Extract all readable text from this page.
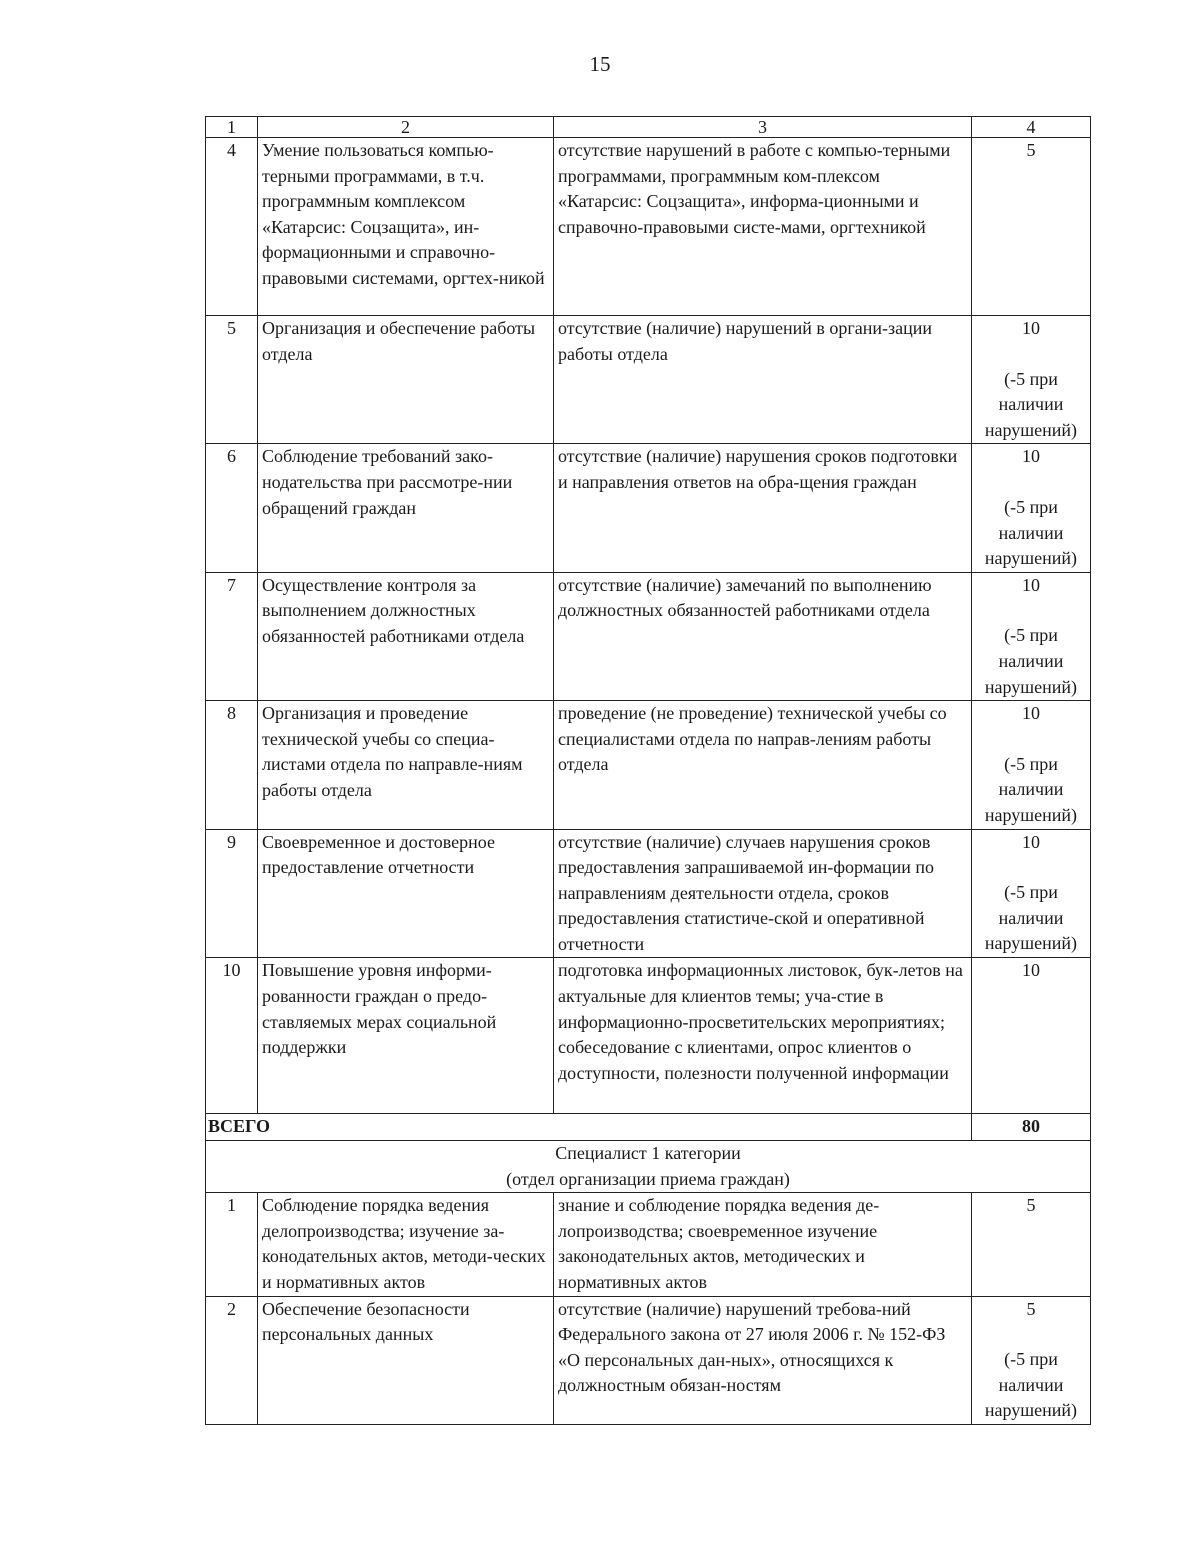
15
1	2	3	4
4	Умение пользоваться компью-терными программами, в т.ч. программным комплексом «Катарсис: Соцзащита», ин-формационными и справочно-правовыми системами, оргтех-никой	отсутствие нарушений в работе с компью-терными программами, программным ком-плексом «Катарсис: Соцзащита», информа-ционными и справочно-правовыми систе-мами, оргтехникой	5

5	Организация и обеспечение работы отдела	отсутствие (наличие) нарушений в органи-зации работы отдела	10
(-5 при наличии нарушений)

6	Соблюдение требований зако-нодательства при рассмотре-нии обращений граждан	отсутствие (наличие) нарушения сроков подготовки и направления ответов на обра-щения граждан	10
(-5 при наличии нарушений)

7	Осуществление контроля за выполнением должностных обязанностей работниками отдела	отсутствие (наличие) замечаний по выполнению должностных обязанностей работниками отдела	10
(-5 при наличии нарушений)

8	Организация и проведение технической учебы со специа-листами отдела по направле-ниям работы отдела	проведение (не проведение) технической учебы со специалистами отдела по направ-лениям работы отдела	10
(-5 при наличии нарушений)

9	Своевременное и достоверное предоставление отчетности	отсутствие (наличие) случаев нарушения сроков предоставления запрашиваемой ин-формации по направлениям деятельности отдела, сроков предоставления статистиче-ской и оперативной отчетности	10
(-5 при наличии нарушений)

10	Повышение уровня информи-рованности граждан о предо-ставляемых мерах социальной поддержки	подготовка информационных листовок, бук-летов на актуальные для клиентов темы; уча-стие в информационно-просветительских мероприятиях; собеседование с клиентами, опрос клиентов о доступности, полезности полученной информации	10

ВСЕГО			80

Специалист 1 категории
(отдел организации приема граждан)			

1	Соблюдение порядка ведения делопроизводства; изучение за-конодательных актов, методи-ческих и нормативных актов	знание и соблюдение порядка ведения де-лопроизводства; своевременное изучение законодательных актов, методических и нормативных актов	5

2	Обеспечение безопасности персональных данных	отсутствие (наличие) нарушений требова-ний Федерального закона от 27 июля 2006 г. № 152-ФЗ «О персональных дан-ных», относящихся к должностным обязан-ностям	5
(-5 при наличии нарушений)
